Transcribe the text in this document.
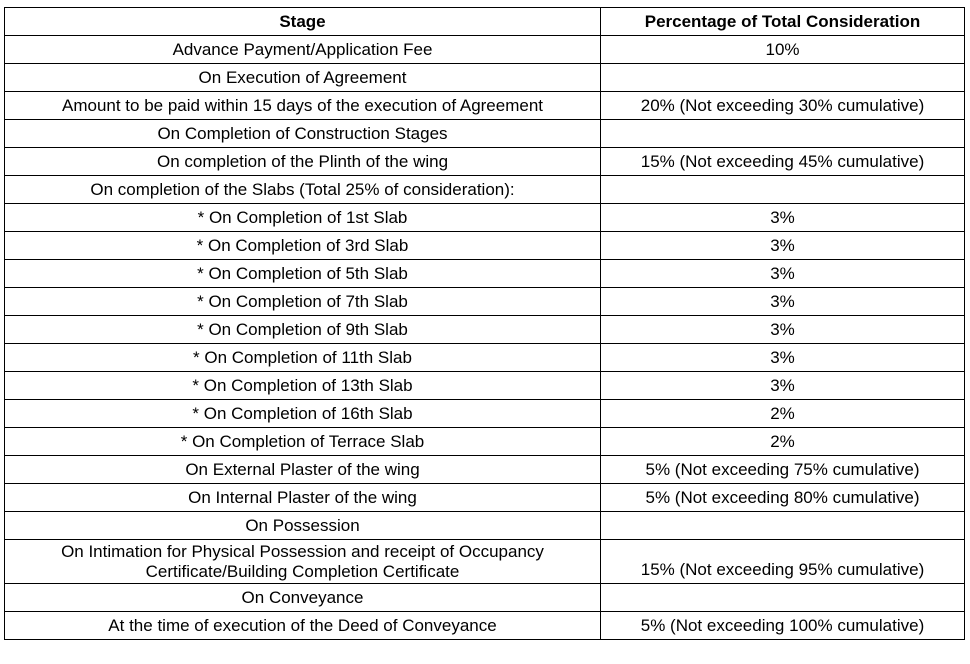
Stage	Percentage of Total Consideration
Advance Payment/Application Fee	10%
On Execution of Agreement	
Amount to be paid within 15 days of the execution of Agreement	20% (Not exceeding 30% cumulative)
On Completion of Construction Stages	
On completion of the Plinth of the wing	15% (Not exceeding 45% cumulative)
On completion of the Slabs (Total 25% of consideration):	
* On Completion of 1st Slab	3%
* On Completion of 3rd Slab	3%
* On Completion of 5th Slab	3%
* On Completion of 7th Slab	3%
* On Completion of 9th Slab	3%
* On Completion of 11th Slab	3%
* On Completion of 13th Slab	3%
* On Completion of 16th Slab	2%
* On Completion of Terrace Slab	2%
On External Plaster of the wing	5% (Not exceeding 75% cumulative)
On Internal Plaster of the wing	5% (Not exceeding 80% cumulative)
On Possession	
On Intimation for Physical Possession and receipt of Occupancy Certificate/Building Completion Certificate	15% (Not exceeding 95% cumulative)
On Conveyance	
At the time of execution of the Deed of Conveyance	5% (Not exceeding 100% cumulative)
